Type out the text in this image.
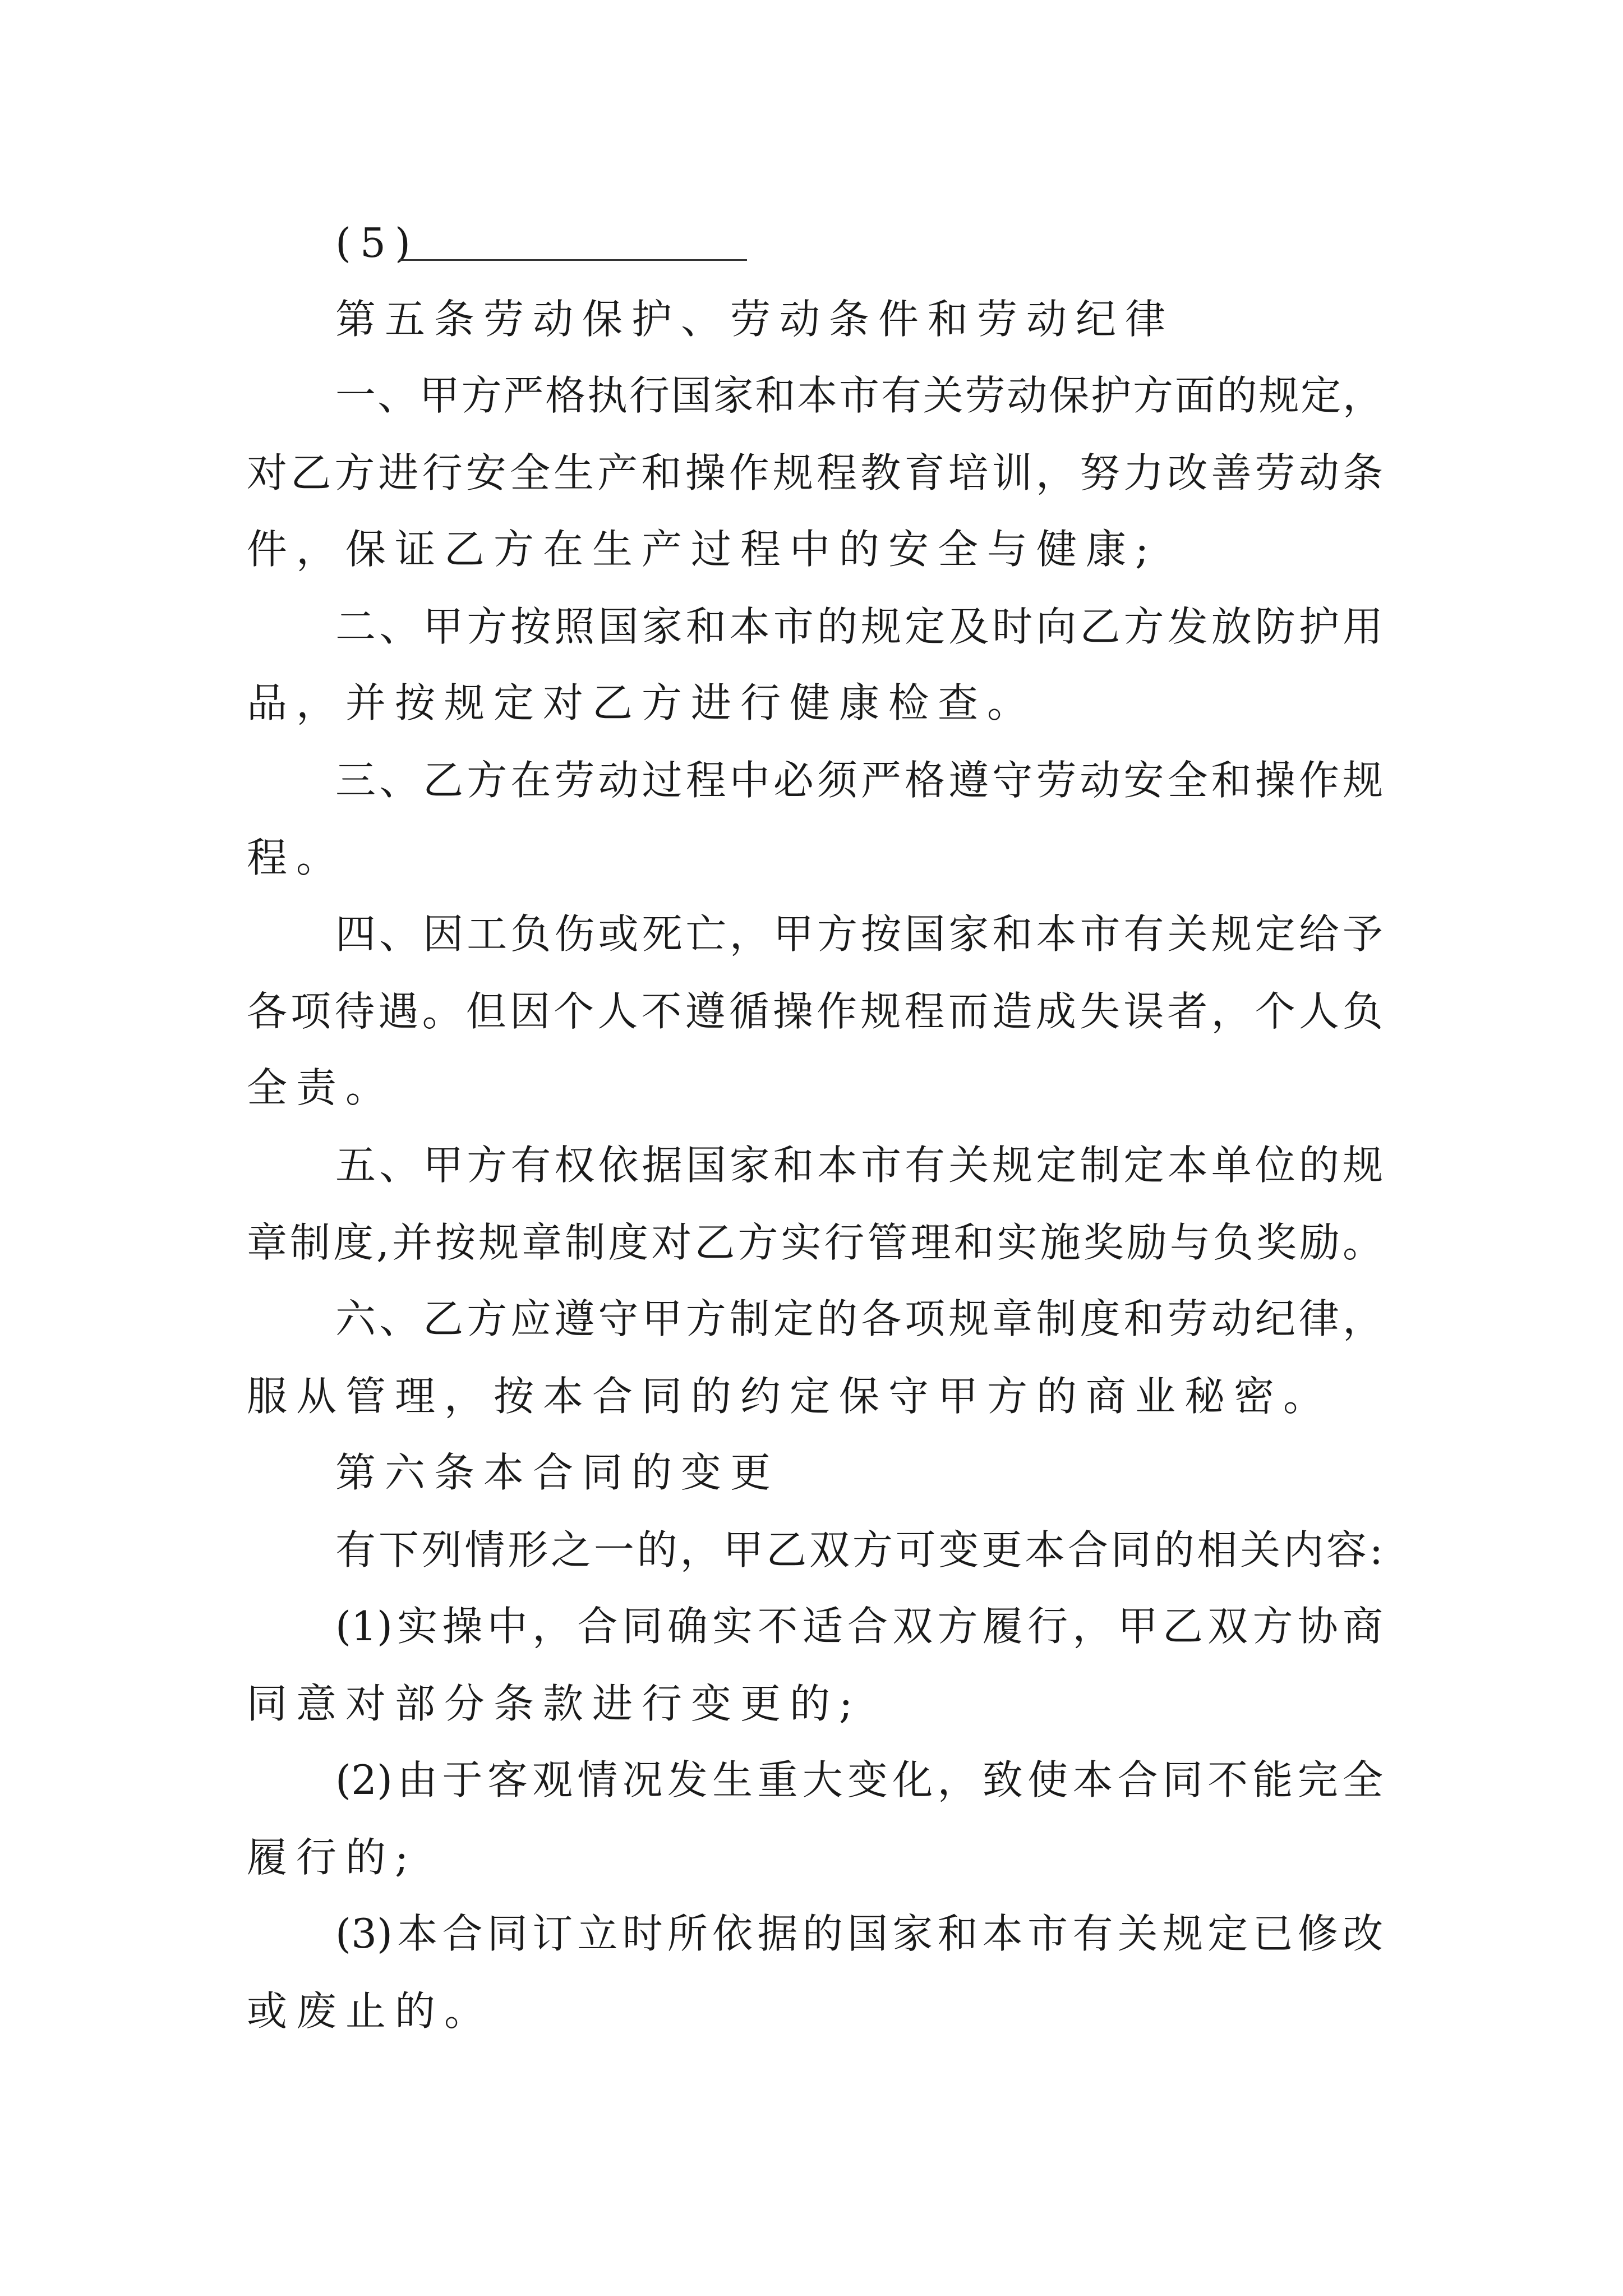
(5)
第五条劳动保护、劳动条件和劳动纪律
一、甲方严格执行国家和本市有关劳动保护方面的规定，
对乙方进行安全生产和操作规程教育培训，努力改善劳动条
件，保证乙方在生产过程中的安全与健康;
二、甲方按照国家和本市的规定及时向乙方发放防护用
品，并按规定对乙方进行健康检查。
三、乙方在劳动过程中必须严格遵守劳动安全和操作规
程。
四、因工负伤或死亡，甲方按国家和本市有关规定给予
各项待遇。但因个人不遵循操作规程而造成失误者，个人负
全责。
五、甲方有权依据国家和本市有关规定制定本单位的规
章制度,并按规章制度对乙方实行管理和实施奖励与负奖励。
六、乙方应遵守甲方制定的各项规章制度和劳动纪律，
服从管理，按本合同的约定保守甲方的商业秘密。
第六条本合同的变更
有下列情形之一的，甲乙双方可变更本合同的相关内容:
(1)实操中，合同确实不适合双方履行，甲乙双方协商
同意对部分条款进行变更的;
(2)由于客观情况发生重大变化，致使本合同不能完全
履行的;
(3)本合同订立时所依据的国家和本市有关规定已修改
或废止的。
